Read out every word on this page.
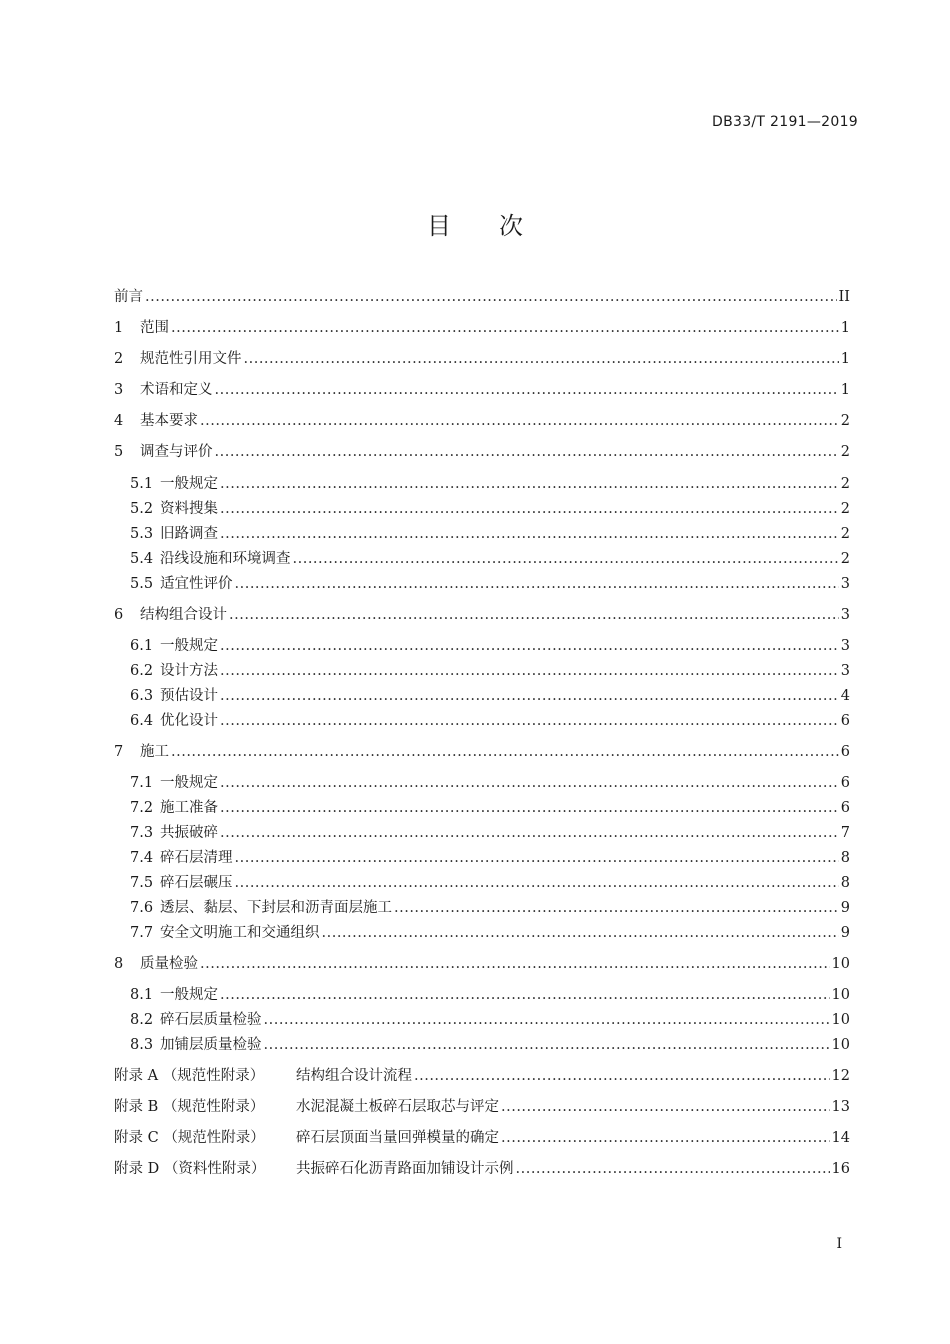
DB33/T 2191—2019
目次
前言 .....	II
1	范围 .....	1
2	规范性引用文件 .....	1
3	术语和定义 .....	1
4	基本要求 .....	2
5	调查与评价 .....	2
5.1 一般规定 .....	2
5.2 资料搜集 .....	2
5.3 旧路调查 .....	2
5.4 沿线设施和环境调查 .....	2
5.5 适宜性评价 .....	3
6	结构组合设计 .....	3
6.1 一般规定 .....	3
6.2 设计方法 .....	3
6.3 预估设计 .....	4
6.4 优化设计 .....	6
7	施工 .....	6
7.1 一般规定 .....	6
7.2 施工准备 .....	6
7.3 共振破碎 .....	7
7.4 碎石层清理 .....	8
7.5 碎石层碾压 .....	8
7.6 透层、黏层、下封层和沥青面层施工 .....	9
7.7 安全文明施工和交通组织 .....	9
8	质量检验 .....	10
8.1 一般规定 .....	10
8.2 碎石层质量检验 .....	10
8.3 加铺层质量检验 .....	10
附录 A （规范性附录）	结构组合设计流程 .....	12
附录 B （规范性附录）	水泥混凝土板碎石层取芯与评定 .....	13
附录 C （规范性附录）	碎石层顶面当量回弹模量的确定 .....	14
附录 D （资料性附录）	共振碎石化沥青路面加铺设计示例 .....	16
I
